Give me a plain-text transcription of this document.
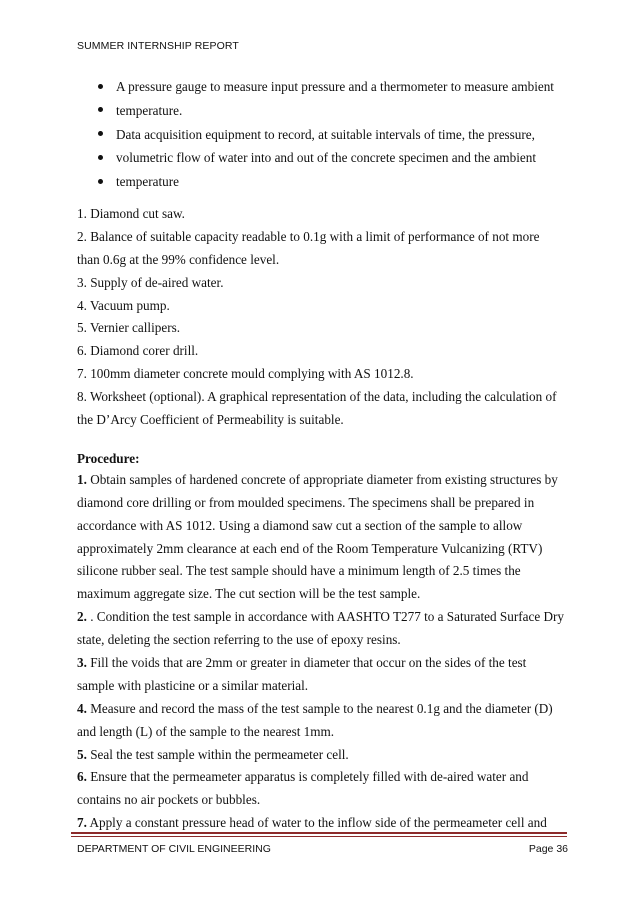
SUMMER INTERNSHIP REPORT
A pressure gauge to measure input pressure and a thermometer to measure ambient
temperature.
Data acquisition equipment to record, at suitable intervals of time, the pressure,
volumetric flow of water into and out of the concrete specimen and the ambient
temperature
1. Diamond cut saw.
2. Balance of suitable capacity readable to 0.1g with a limit of performance of not more
than 0.6g at the 99% confidence level.
3. Supply of de-aired water.
4. Vacuum pump.
5. Vernier callipers.
6. Diamond corer drill.
7. 100mm diameter concrete mould complying with AS 1012.8.
8. Worksheet (optional). A graphical representation of the data, including the calculation of
the D’Arcy Coefficient of Permeability is suitable.
Procedure:
1. Obtain samples of hardened concrete of appropriate diameter from existing structures by
diamond core drilling or from moulded specimens. The specimens shall be prepared in
accordance with AS 1012. Using a diamond saw cut a section of the sample to allow
approximately 2mm clearance at each end of the Room Temperature Vulcanizing (RTV)
silicone rubber seal. The test sample should have a minimum length of 2.5 times the
maximum aggregate size. The cut section will be the test sample.
2. . Condition the test sample in accordance with AASHTO T277 to a Saturated Surface Dry
state, deleting the section referring to the use of epoxy resins.
3. Fill the voids that are 2mm or greater in diameter that occur on the sides of the test
sample with plasticine or a similar material.
4. Measure and record the mass of the test sample to the nearest 0.1g and the diameter (D)
and length (L) of the sample to the nearest 1mm.
5. Seal the test sample within the permeameter cell.
6. Ensure that the permeameter apparatus is completely filled with de-aired water and
contains no air pockets or bubbles.
7. Apply a constant pressure head of water to the inflow side of the permeameter cell and
DEPARTMENT OF CIVIL ENGINEERING	Page 36
